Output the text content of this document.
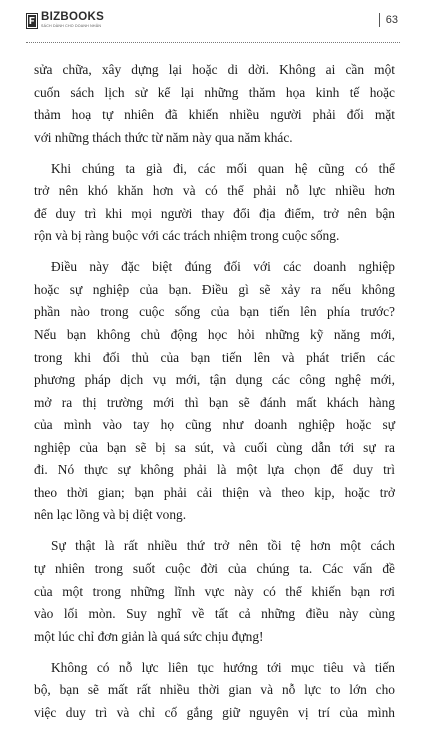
BIZBOOKS
SÁCH DÀNH CHO DOANH NHÂN	63

sửa chữa, xây dựng lại hoặc di dời. Không ai cần một
cuốn sách lịch sử kể lại những thăm họa kinh tế hoặc
thảm hoạ tự nhiên đã khiến nhiều người phải đối mặt
với những thách thức từ năm này qua năm khác.

Khi chúng ta già đi, các mối quan hệ cũng có thể
trở nên khó khăn hơn và có thể phải nỗ lực nhiều hơn
để duy trì khi mọi người thay đổi địa điểm, trở nên bận
rộn và bị ràng buộc với các trách nhiệm trong cuộc sống.

Điều này đặc biệt đúng đối với các doanh nghiệp
hoặc sự nghiệp của bạn. Điều gì sẽ xảy ra nếu không
phần nào trong cuộc sống của bạn tiến lên phía trước?
Nếu bạn không chủ động học hỏi những kỹ năng mới,
trong khi đối thủ của bạn tiến lên và phát triển các
phương pháp dịch vụ mới, tận dụng các công nghệ mới,
mở ra thị trường mới thì bạn sẽ đánh mất khách hàng
của mình vào tay họ cũng như doanh nghiệp hoặc sự
nghiệp của bạn sẽ bị sa sút, và cuối cùng dẫn tới sự ra
đi. Nó thực sự không phải là một lựa chọn để duy trì
theo thời gian; bạn phải cải thiện và theo kịp, hoặc trở
nên lạc lõng và bị diệt vong.

Sự thật là rất nhiều thứ trở nên tồi tệ hơn một cách
tự nhiên trong suốt cuộc đời của chúng ta. Các vấn đề
của một trong những lĩnh vực này có thể khiến bạn rơi
vào lối mòn. Suy nghĩ về tất cả những điều này cùng
một lúc chỉ đơn giản là quá sức chịu đựng!

Không có nỗ lực liên tục hướng tới mục tiêu và tiến
bộ, bạn sẽ mất rất nhiều thời gian và nỗ lực to lớn cho
việc duy trì và chỉ cố gắng giữ nguyên vị trí của mình
